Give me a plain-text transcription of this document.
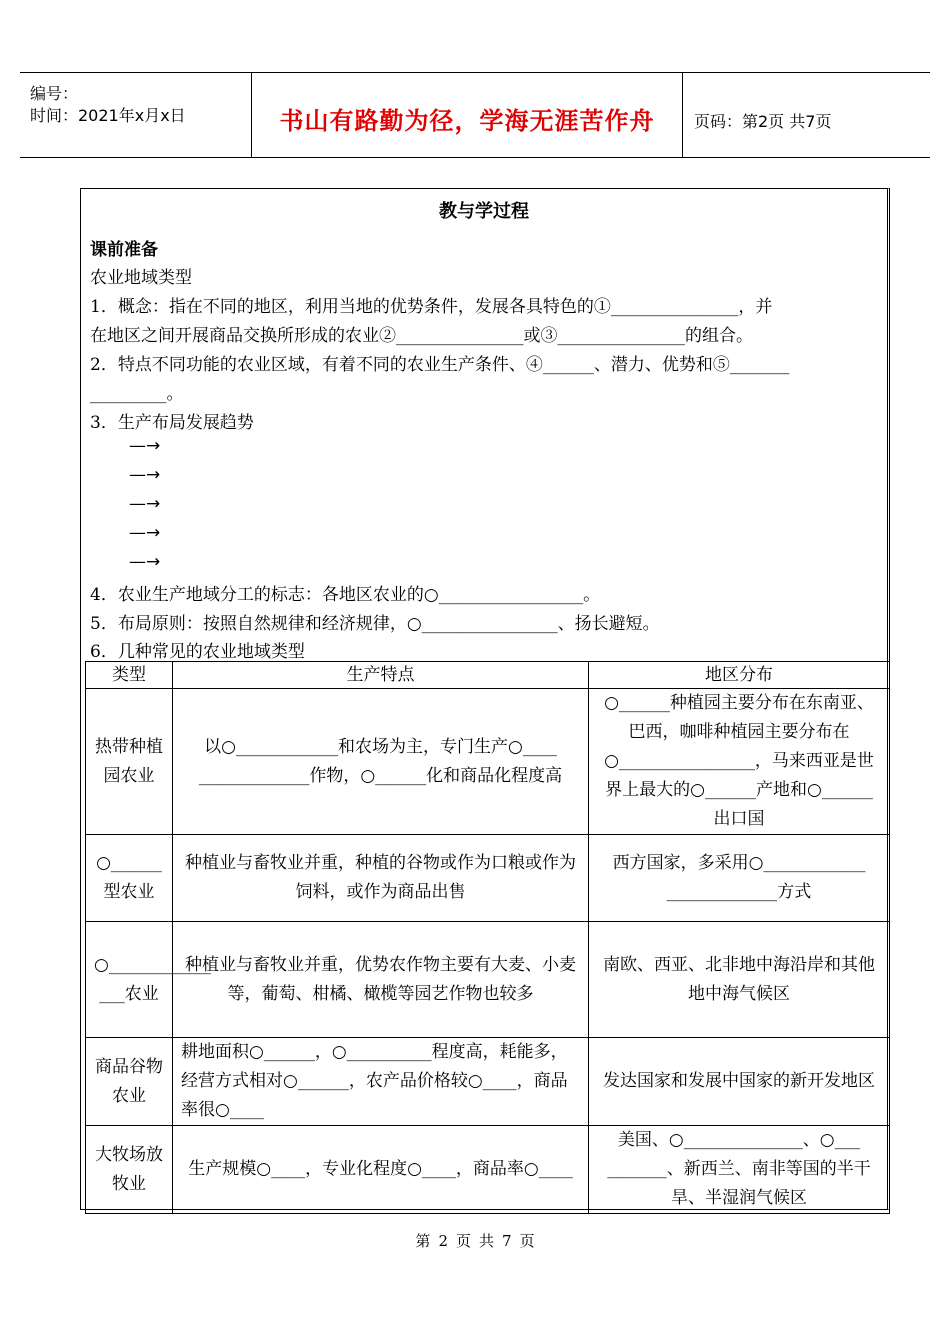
编号：
时间：2021年x月x日	书山有路勤为径，学海无涯苦作舟	页码：第2页 共7页
教与学过程
课前准备
农业地域类型
1．概念：指在不同的地区，利用当地的优势条件，发展各具特色的①_______________，并
在地区之间开展商品交换所形成的农业②_______________或③_______________的组合。
2．特点不同功能的农业区域，有着不同的农业生产条件、④______、潜力、优势和⑤_______
_________。
3．生产布局发展趋势
—→
—→
—→
—→
—→
4．农业生产地域分工的标志：各地区农业的○_________________。
5．布局原则：按照自然规律和经济规律，○________________、扬长避短。
6．几种常见的农业地域类型
类型	生产特点	地区分布
热带种植园农业	以○____________和农场为主，专门生产○____ _____________作物，○______化和商品化程度高	○______种植园主要分布在东南亚、巴西，咖啡种植园主要分布在○________________，马来西亚是世界上最大的○______产地和○______出口国
○______型农业	种植业与畜牧业并重，种植的谷物或作为口粮或作为饲料，或作为商品出售	西方国家，多采用○____________ _____________方式
○____________ ___农业	种植业与畜牧业并重，优势农作物主要有大麦、小麦等，葡萄、柑橘、橄榄等园艺作物也较多	南欧、西亚、北非地中海沿岸和其他地中海气候区
商品谷物农业	耕地面积○______，○__________程度高，耗能多，经营方式相对○______，农产品价格较○____，商品率很○____	发达国家和发展中国家的新开发地区
大牧场放牧业	生产规模○____，专业化程度○____，商品率○____	美国、○______________、○___ _______、新西兰、南非等国的半干旱、半湿润气候区
第 2 页 共 7 页
